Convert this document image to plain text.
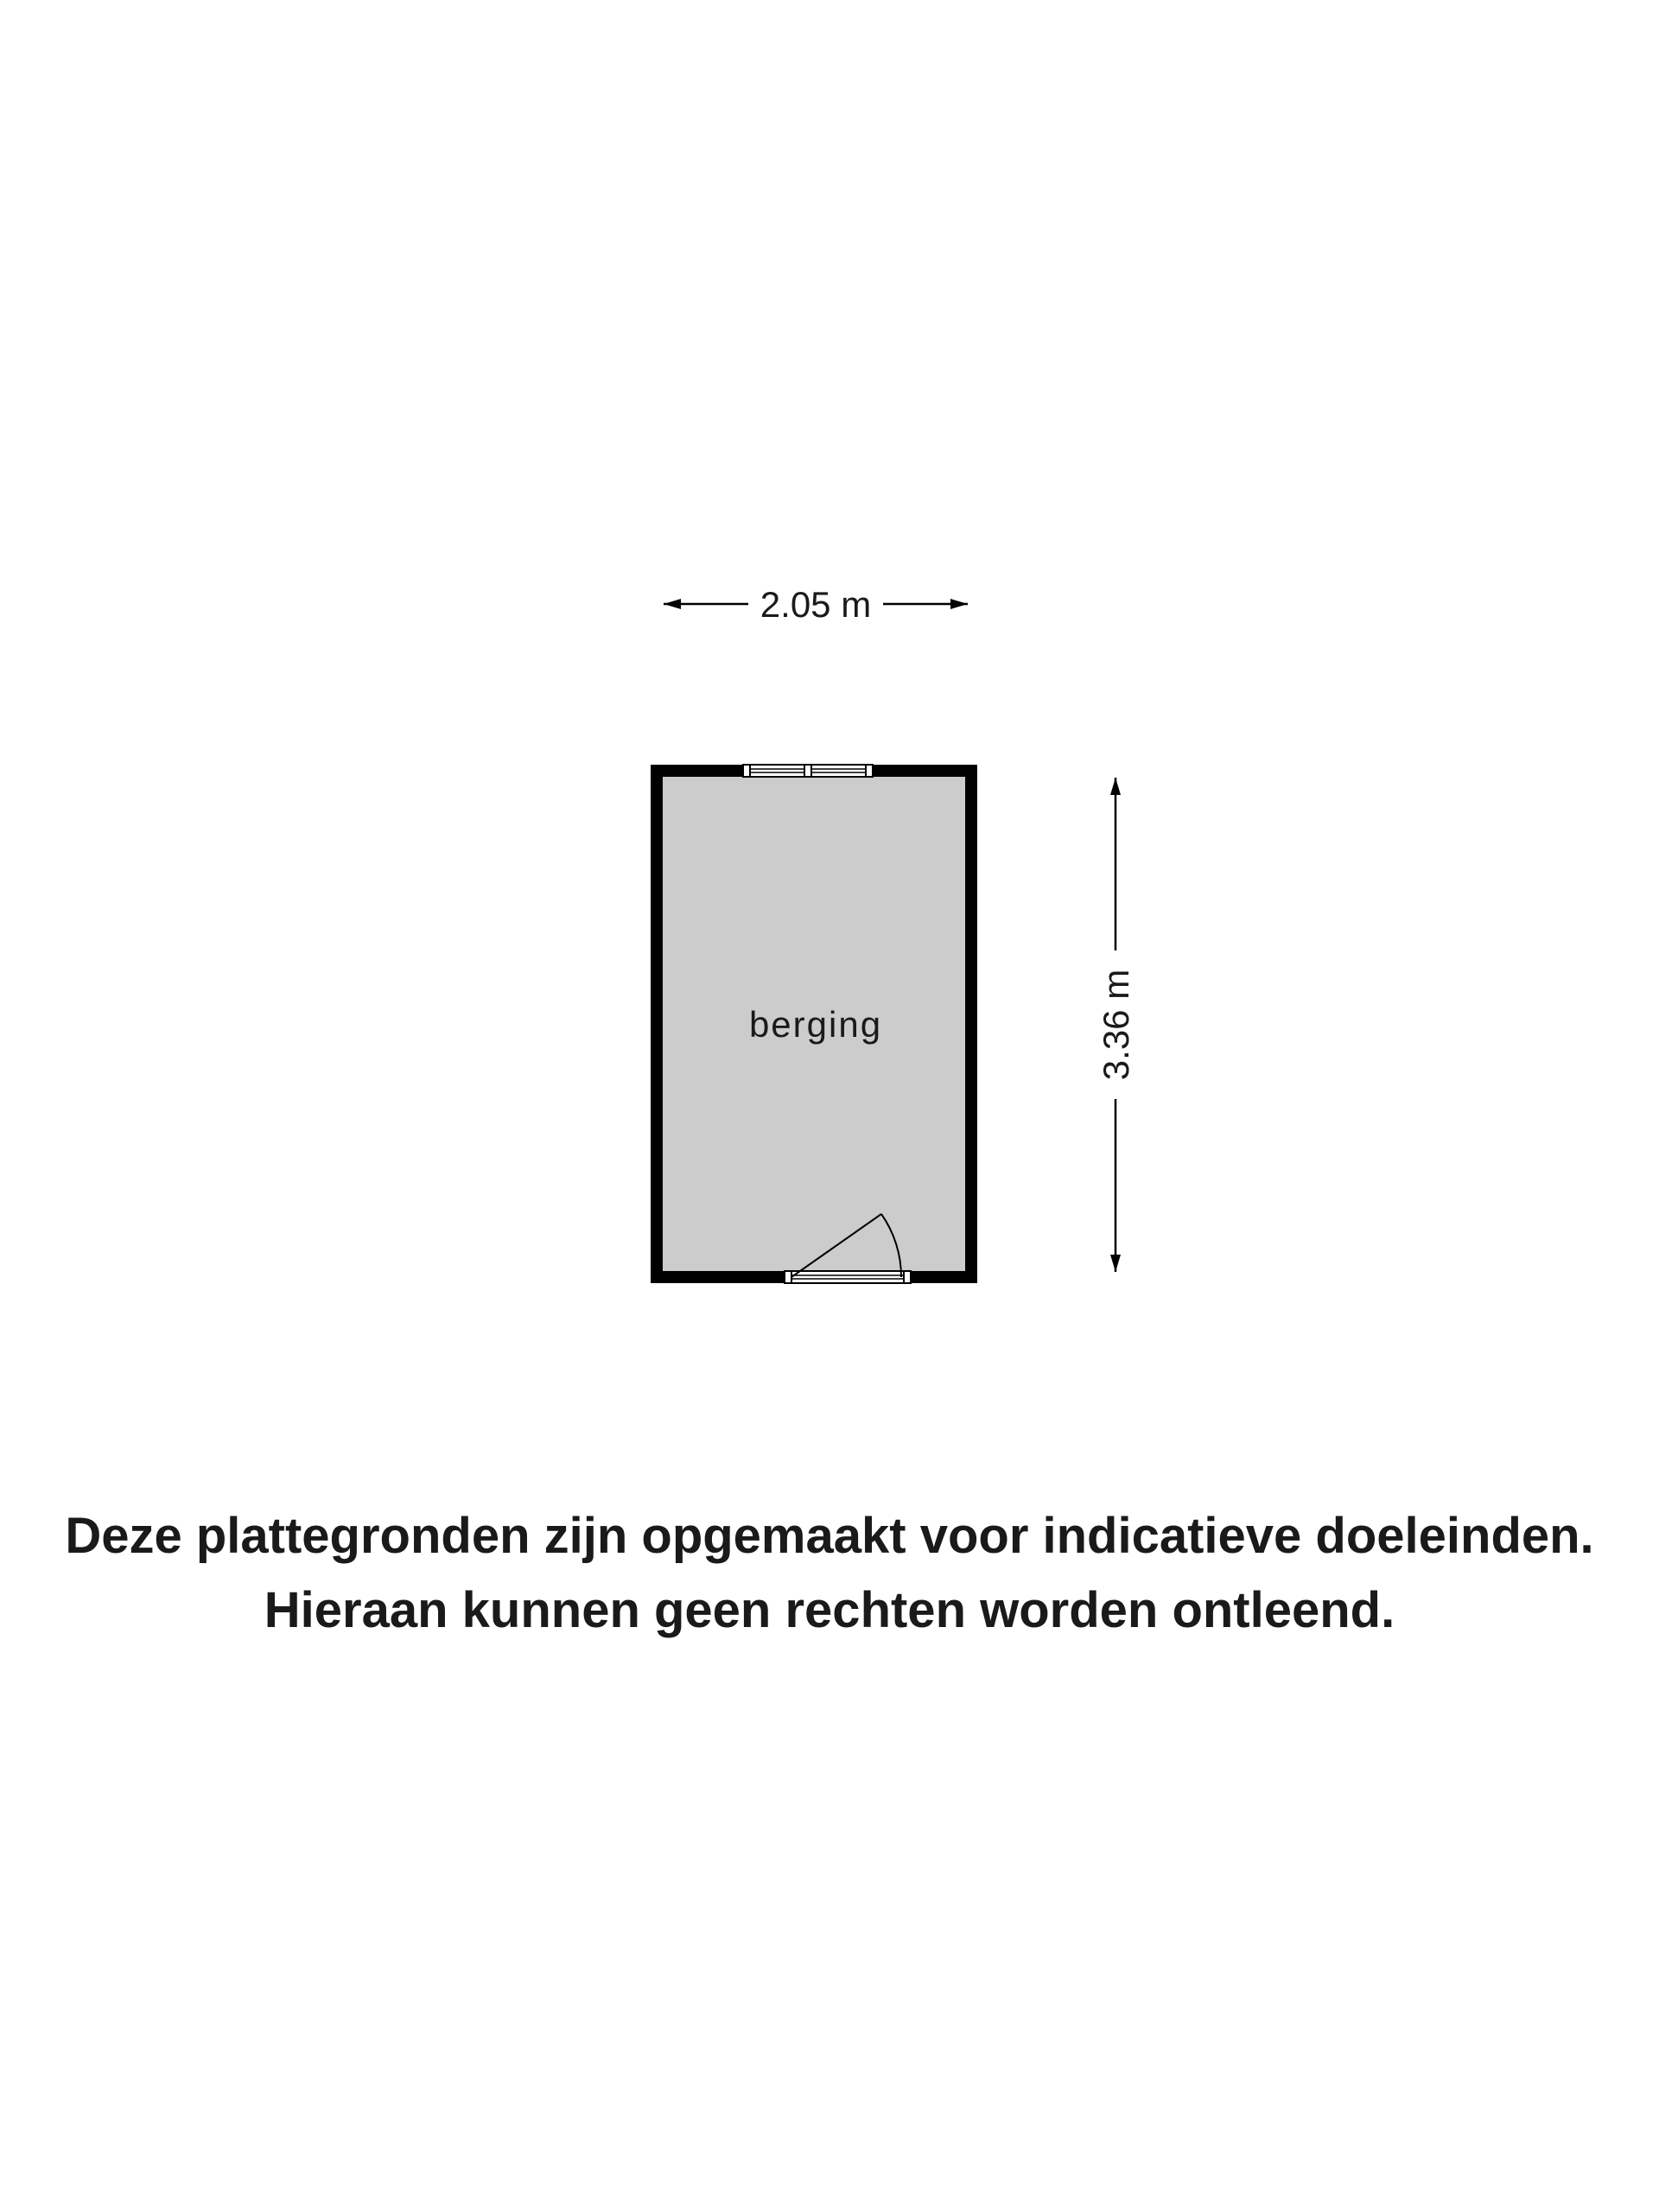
2.05 m
3.36 m
berging
Deze plattegronden zijn opgemaakt voor indicatieve doeleinden.
Hieraan kunnen geen rechten worden ontleend.
